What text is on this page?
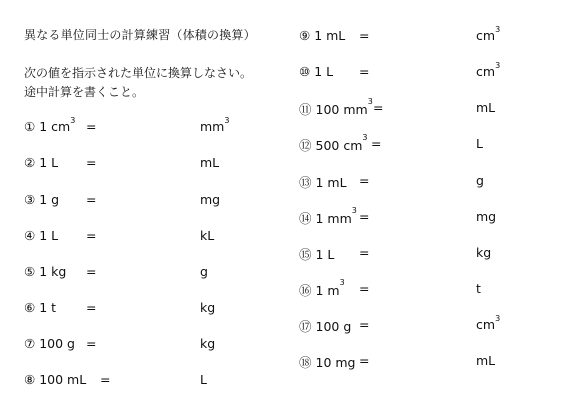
異なる単位同士の計算練習（体積の換算）
次の値を指示された単位に換算しなさい。
途中計算を書くこと。
① 1 $cm^3$ =	$mm^3$
② 1 L =	mL
③ 1 g =	mg
④ 1 L =	kL
⑤ 1 kg =	g
⑥ 1 t =	kg
⑦ 100 g =	kg
⑧ 100 mL =	L
⑨ 1 mL =	$cm^3$
⑩ 1 L =	$cm^3$
⑪ 100 $mm^3$ =	mL
⑫ 500 $cm^3$ =	L
⑬ 1 mL =	g
⑭ 1 $mm^3$ =	mg
⑮ 1 L =	kg
⑯ 1 $m^3$ =	t
⑰ 100 g =	$cm^3$
⑱ 10 mg =	mL
